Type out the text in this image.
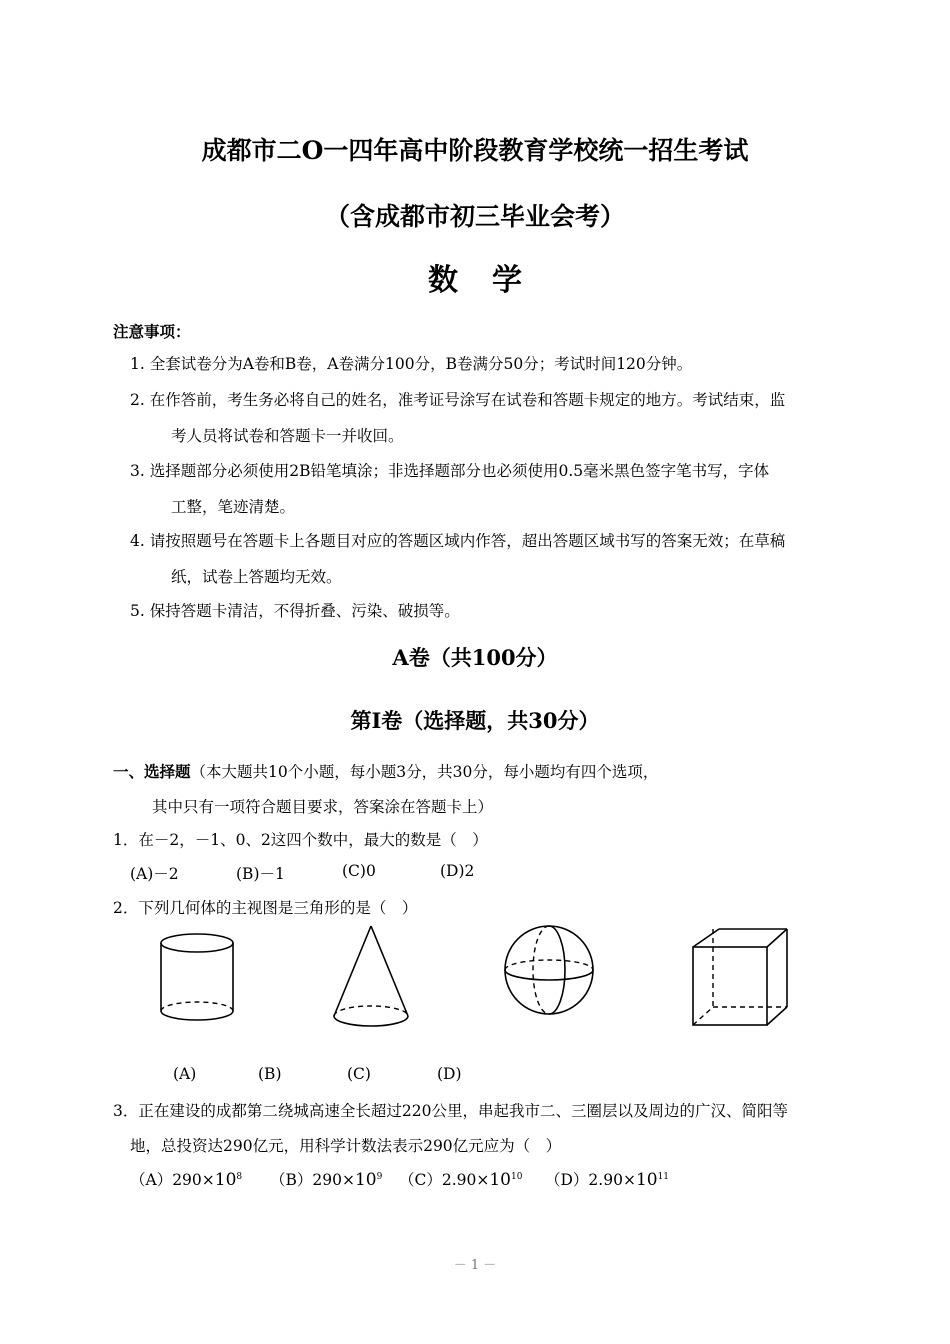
成都市二O一四年高中阶段教育学校统一招生考试
（含成都市初三毕业会考）
数学
注意事项：
1. 全套试卷分为A卷和B卷，A卷满分100分，B卷满分50分；考试时间120分钟。
2. 在作答前，考生务必将自己的姓名，准考证号涂写在试卷和答题卡规定的地方。考试结束，监
考人员将试卷和答题卡一并收回。
3. 选择题部分必须使用2B铅笔填涂；非选择题部分也必须使用0.5毫米黑色签字笔书写，字体
工整，笔迹清楚。
4. 请按照题号在答题卡上各题目对应的答题区域内作答，超出答题区域书写的答案无效；在草稿
纸，试卷上答题均无效。
5. 保持答题卡清洁，不得折叠、污染、破损等。
A卷（共100分）
第I卷（选择题，共30分）
一、选择题（本大题共10个小题，每小题3分，共30分，每小题均有四个选项，
其中只有一项符合题目要求，答案涂在答题卡上）
1．在－2，－1、0、2这四个数中，最大的数是（　）
(A)－2	(B)－1	(C)0	(D)2
2．下列几何体的主视图是三角形的是（　）
(A)	(B)	(C)	(D)
3．正在建设的成都第二绕城高速全长超过220公里，串起我市二、三圈层以及周边的广汉、简阳等
地，总投资达290亿元，用科学计数法表示290亿元应为（　）
$(A)290\times 10^8$ $(B)290\times 10^9$ $(C)2.90\times 10^{10}$ $(D)2.90\times 10^{11}$
－ 1 －
